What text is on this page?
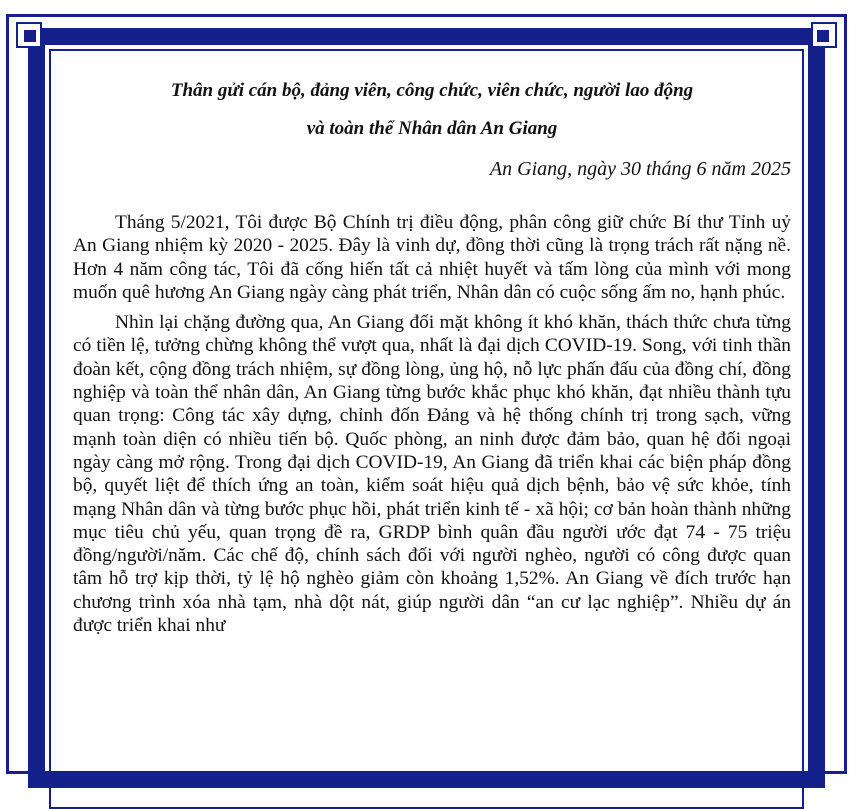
Thân gửi cán bộ, đảng viên, công chức, viên chức, người lao động
và toàn thể Nhân dân An Giang
An Giang, ngày 30 tháng 6 năm 2025

Tháng 5/2021, Tôi được Bộ Chính trị điều động, phân công giữ chức Bí thư Tỉnh uỷ An Giang nhiệm kỳ 2020 - 2025. Đây là vinh dự, đồng thời cũng là trọng trách rất nặng nề. Hơn 4 năm công tác, Tôi đã cống hiến tất cả nhiệt huyết và tấm lòng của mình với mong muốn quê hương An Giang ngày càng phát triển, Nhân dân có cuộc sống ấm no, hạnh phúc.

Nhìn lại chặng đường qua, An Giang đối mặt không ít khó khăn, thách thức chưa từng có tiền lệ, tưởng chừng không thể vượt qua, nhất là đại dịch COVID-19. Song, với tinh thần đoàn kết, cộng đồng trách nhiệm, sự đồng lòng, ủng hộ, nỗ lực phấn đấu của đồng chí, đồng nghiệp và toàn thể nhân dân, An Giang từng bước khắc phục khó khăn, đạt nhiều thành tựu quan trọng: Công tác xây dựng, chỉnh đốn Đảng và hệ thống chính trị trong sạch, vững mạnh toàn diện có nhiều tiến bộ. Quốc phòng, an ninh được đảm bảo, quan hệ đối ngoại ngày càng mở rộng. Trong đại dịch COVID-19, An Giang đã triển khai các biện pháp đồng bộ, quyết liệt để thích ứng an toàn, kiểm soát hiệu quả dịch bệnh, bảo vệ sức khỏe, tính mạng Nhân dân và từng bước phục hồi, phát triển kinh tế - xã hội; cơ bản hoàn thành những mục tiêu chủ yếu, quan trọng đề ra, GRDP bình quân đầu người ước đạt 74 - 75 triệu đồng/người/năm. Các chế độ, chính sách đối với người nghèo, người có công được quan tâm hỗ trợ kịp thời, tỷ lệ hộ nghèo giảm còn khoảng 1,52%. An Giang về đích trước hạn chương trình xóa nhà tạm, nhà dột nát, giúp người dân “an cư lạc nghiệp”. Nhiều dự án được triển khai như
